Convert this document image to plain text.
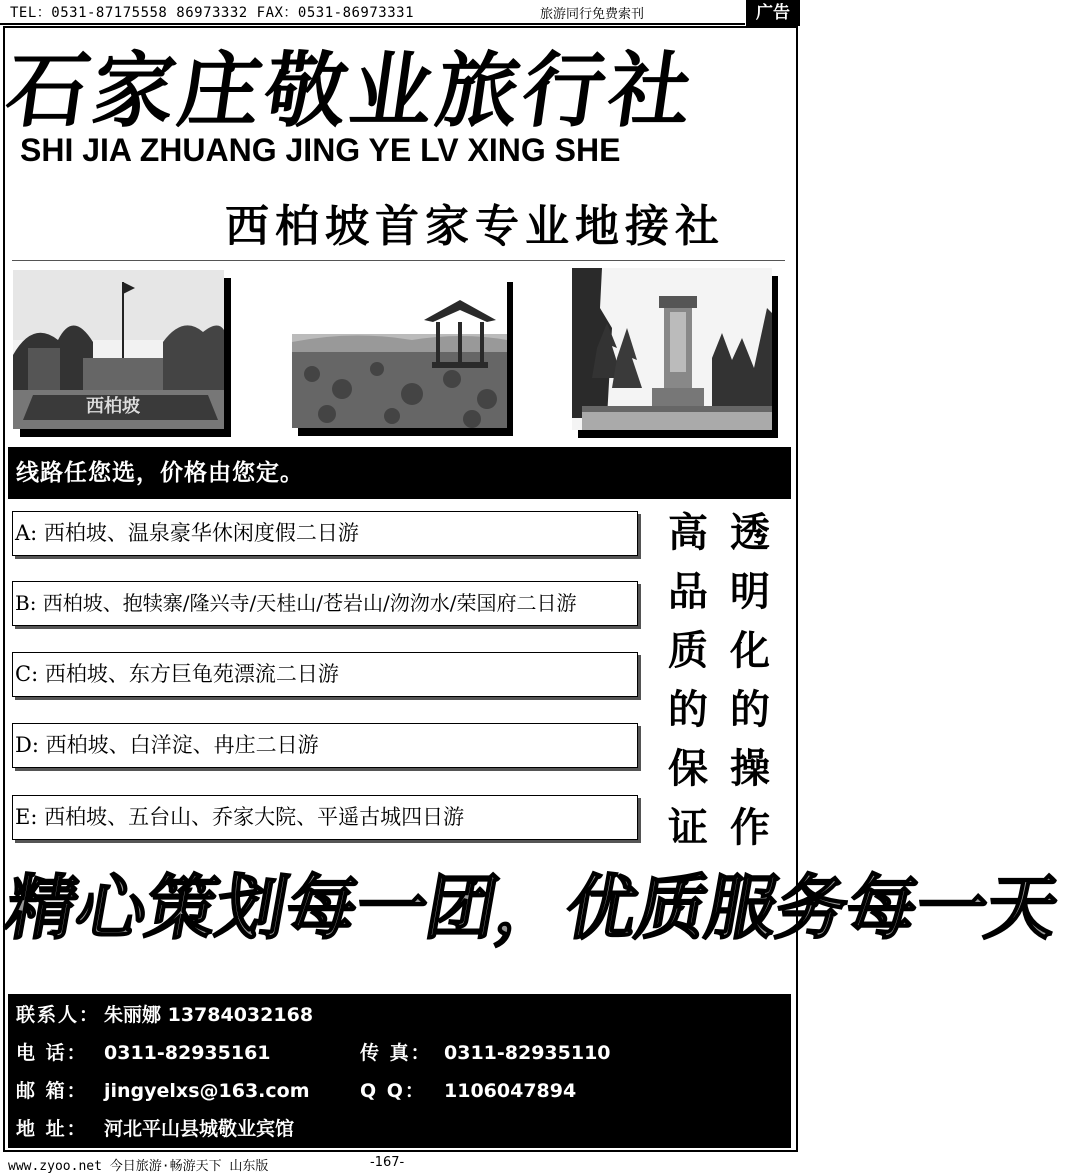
TEL：0531-87175558 86973332 FAX：0531-86973331	旅游同行免费索刊	广告
石家庄敬业旅行社
SHI JIA ZHUANG JING YE LV XING SHE
西柏坡首家专业地接社
西柏坡
线路任您选，价格由您定。
A: 西柏坡、温泉豪华休闲度假二日游
B: 西柏坡、抱犊寨/隆兴寺/天桂山/苍岩山/沕沕水/荣国府二日游
C: 西柏坡、东方巨龟苑漂流二日游
D: 西柏坡、白洋淀、冉庄二日游
E: 西柏坡、五台山、乔家大院、平遥古城四日游
高
品
质
的
保
证
透
明
化
的
操
作
精心策划每一团，优质服务每一天
联系人： 朱丽娜 13784032168
电 话： 0311-82935161	传 真： 0311-82935110
邮 箱： jingyelxs@163.com	Q Q： 1106047894
地 址： 河北平山县城敬业宾馆
www.zyoo.net 今日旅游·畅游天下 山东版	-167-
